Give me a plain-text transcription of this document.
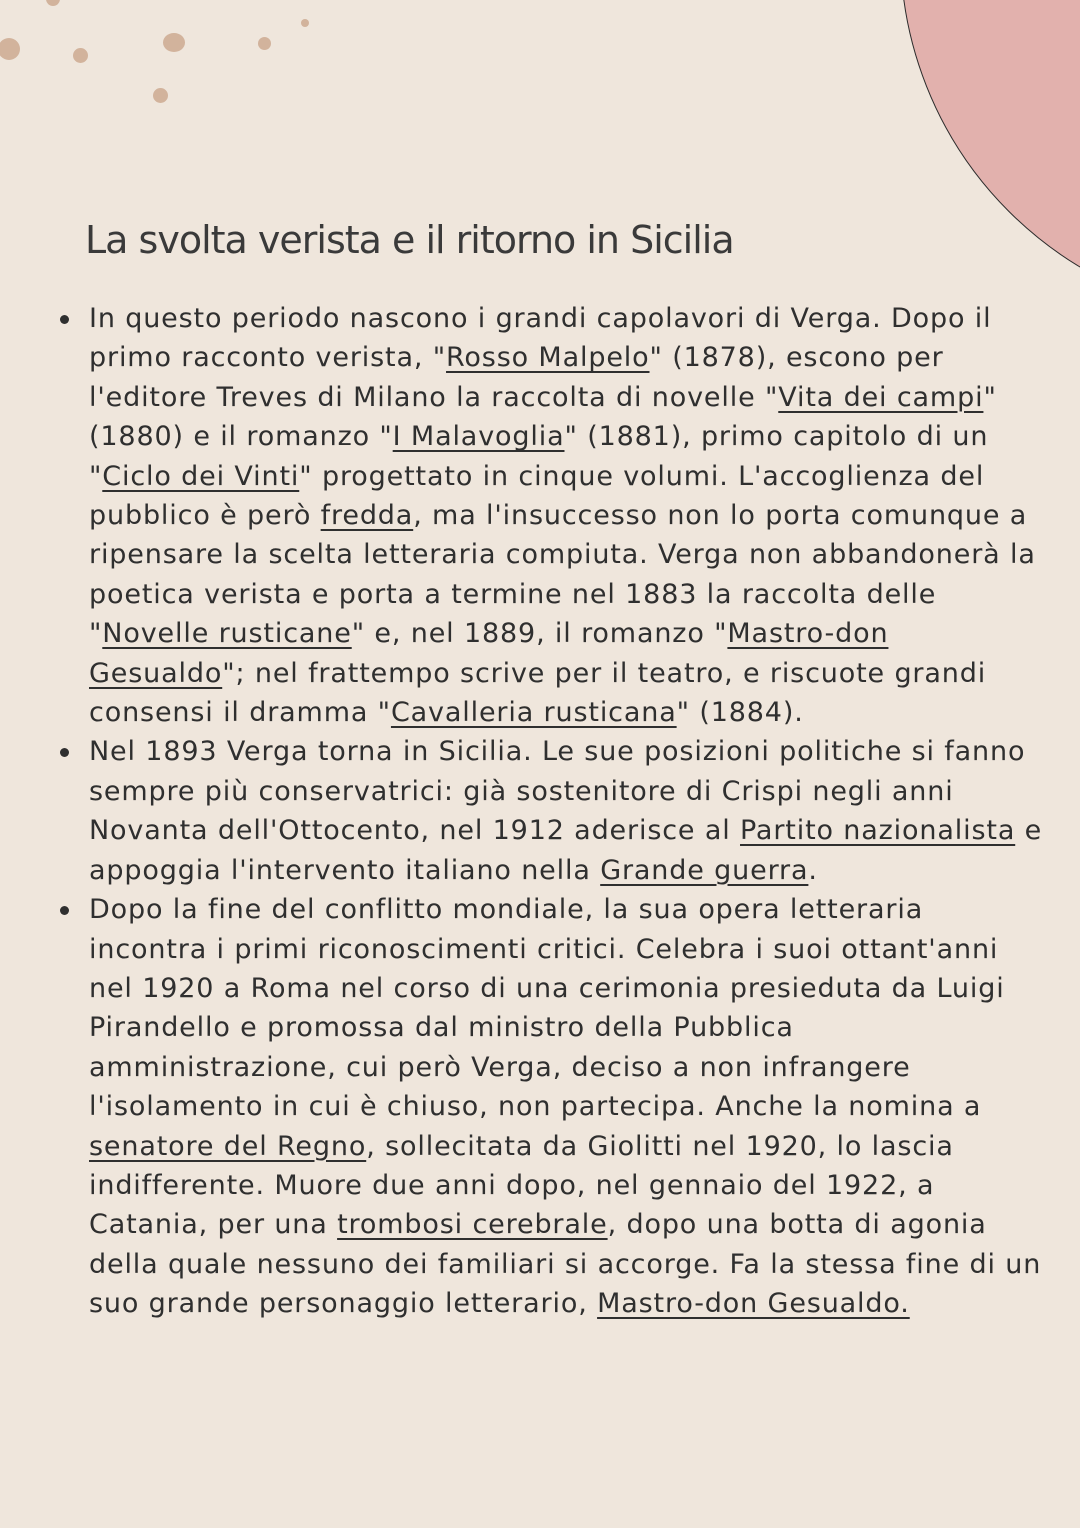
La svolta verista e il ritorno in Sicilia
In questo periodo nascono i grandi capolavori di Verga. Dopo il primo racconto verista, "Rosso Malpelo" (1878), escono per l'editore Treves di Milano la raccolta di novelle "Vita dei campi" (1880) e il romanzo "I Malavoglia" (1881), primo capitolo di un "Ciclo dei Vinti" progettato in cinque volumi. L'accoglienza del pubblico è però fredda, ma l'insuccesso non lo porta comunque a ripensare la scelta letteraria compiuta. Verga non abbandonerà la poetica verista e porta a termine nel 1883 la raccolta delle "Novelle rusticane" e, nel 1889, il romanzo "Mastro-don Gesualdo"; nel frattempo scrive per il teatro, e riscuote grandi consensi il dramma "Cavalleria rusticana" (1884).
Nel 1893 Verga torna in Sicilia. Le sue posizioni politiche si fanno sempre più conservatrici: già sostenitore di Crispi negli anni Novanta dell'Ottocento, nel 1912 aderisce al Partito nazionalista e appoggia l'intervento italiano nella Grande guerra.
Dopo la fine del conflitto mondiale, la sua opera letteraria incontra i primi riconoscimenti critici. Celebra i suoi ottant'anni nel 1920 a Roma nel corso di una cerimonia presieduta da Luigi Pirandello e promossa dal ministro della Pubblica amministrazione, cui però Verga, deciso a non infrangere l'isolamento in cui è chiuso, non partecipa. Anche la nomina a senatore del Regno, sollecitata da Giolitti nel 1920, lo lascia indifferente. Muore due anni dopo, nel gennaio del 1922, a Catania, per una trombosi cerebrale, dopo una botta di agonia della quale nessuno dei familiari si accorge. Fa la stessa fine di un suo grande personaggio letterario, Mastro-don Gesualdo.
